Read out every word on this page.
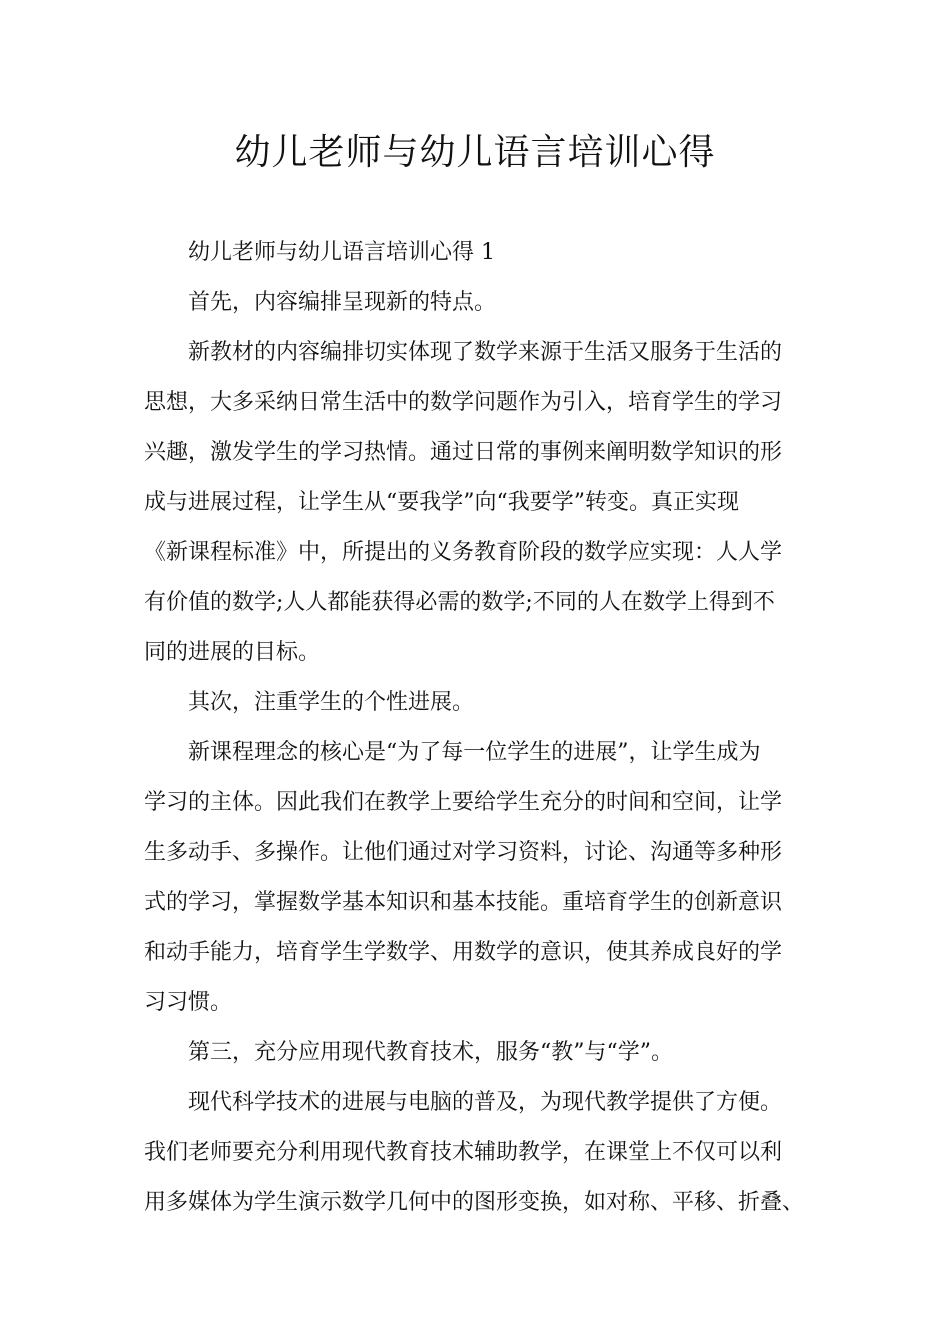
幼儿老师与幼儿语言培训心得

幼儿老师与幼儿语言培训心得 1

首先，内容编排呈现新的特点。

新教材的内容编排切实体现了数学来源于生活又服务于生活的

思想，大多采纳日常生活中的数学问题作为引入，培育学生的学习

兴趣，激发学生的学习热情。通过日常的事例来阐明数学知识的形

成与进展过程，让学生从“要我学”向“我要学”转变。真正实现

《新课程标准》中，所提出的义务教育阶段的数学应实现：人人学

有价值的数学;人人都能获得必需的数学;不同的人在数学上得到不

同的进展的目标。

其次，注重学生的个性进展。

新课程理念的核心是“为了每一位学生的进展”，让学生成为

学习的主体。因此我们在教学上要给学生充分的时间和空间，让学

生多动手、多操作。让他们通过对学习资料，讨论、沟通等多种形

式的学习，掌握数学基本知识和基本技能。重培育学生的创新意识

和动手能力，培育学生学数学、用数学的意识，使其养成良好的学

习习惯。

第三，充分应用现代教育技术，服务“教”与“学”。

现代科学技术的进展与电脑的普及，为现代教学提供了方便。

我们老师要充分利用现代教育技术辅助教学，在课堂上不仅可以利

用多媒体为学生演示数学几何中的图形变换，如对称、平移、折叠、
